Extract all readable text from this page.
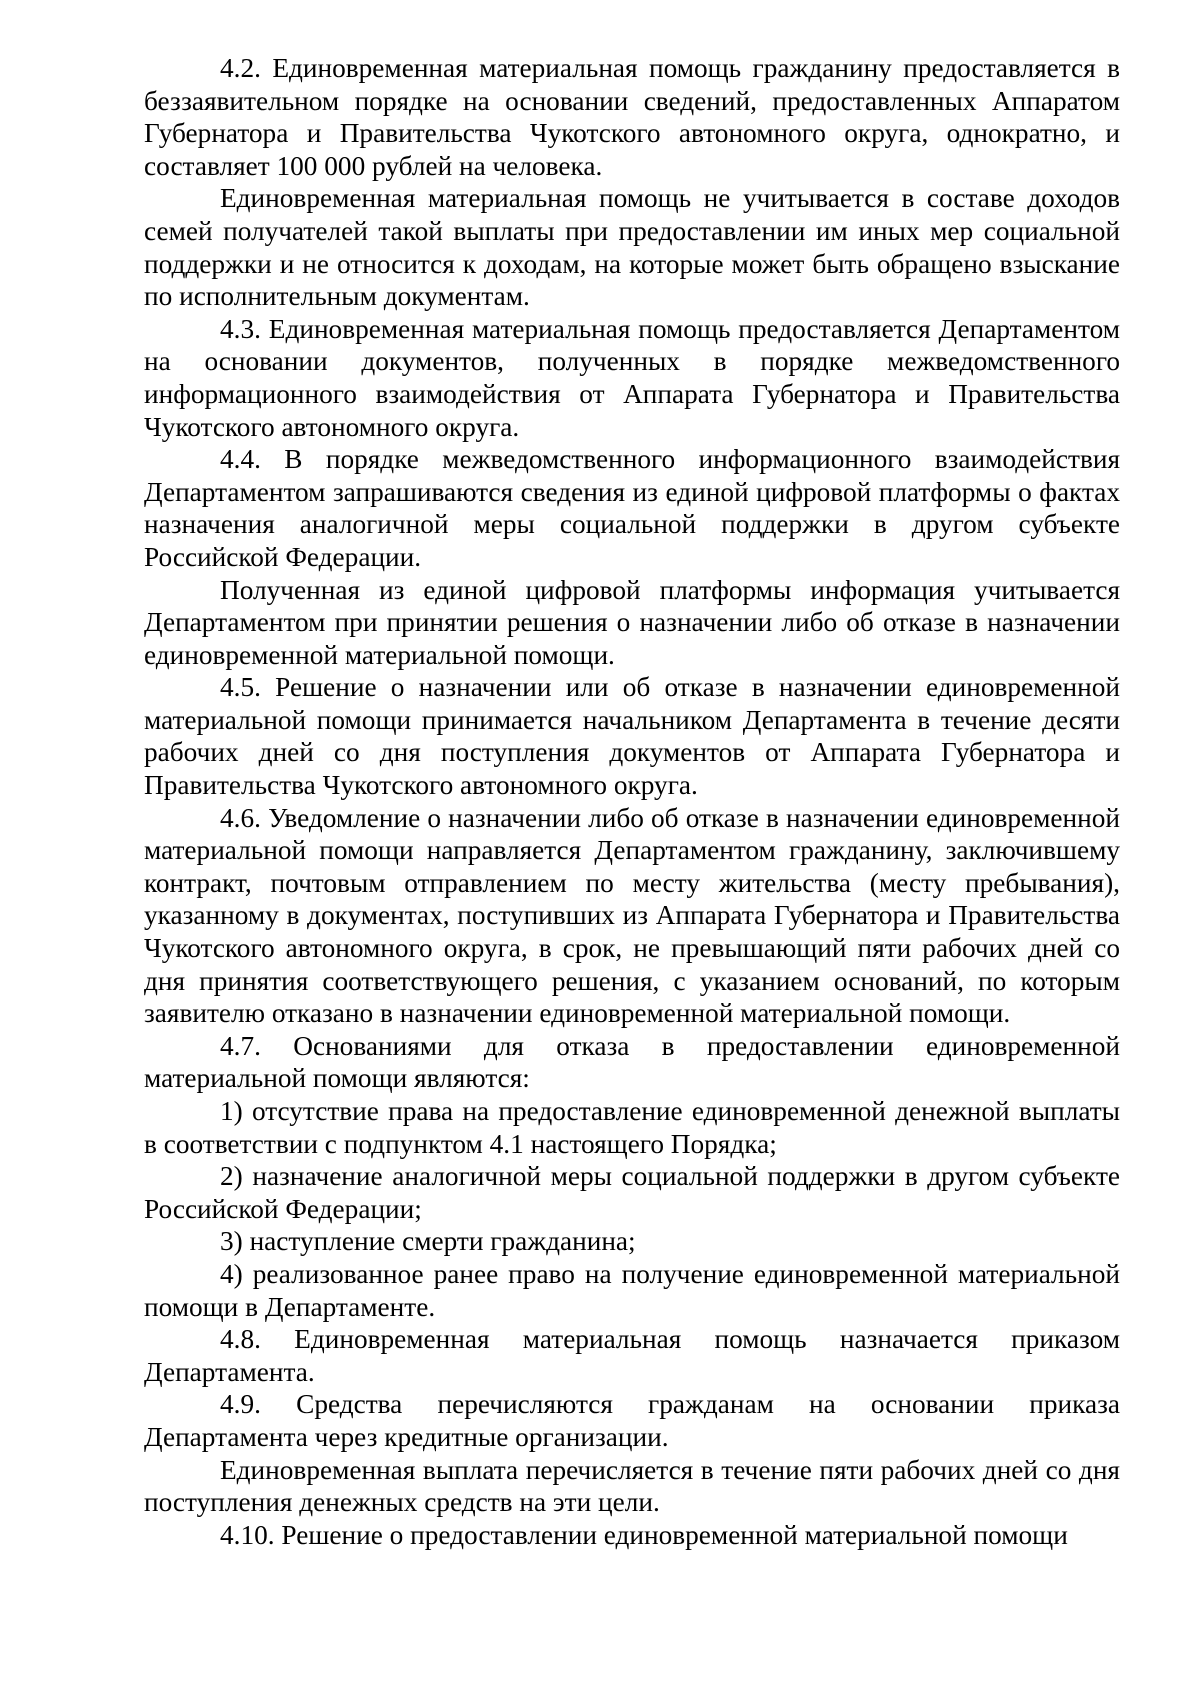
4.2. Единовременная материальная помощь гражданину предоставляется в беззаявительном порядке на основании сведений, предоставленных Аппаратом Губернатора и Правительства Чукотского автономного округа, однократно, и составляет 100 000 рублей на человека.

Единовременная материальная помощь не учитывается в составе доходов семей получателей такой выплаты при предоставлении им иных мер социальной поддержки и не относится к доходам, на которые может быть обращено взыскание по исполнительным документам.

4.3. Единовременная материальная помощь предоставляется Департаментом на основании документов, полученных в порядке межведомственного информационного взаимодействия от Аппарата Губернатора и Правительства Чукотского автономного округа.

4.4. В порядке межведомственного информационного взаимодействия Департаментом запрашиваются сведения из единой цифровой платформы о фактах назначения аналогичной меры социальной поддержки в другом субъекте Российской Федерации.

Полученная из единой цифровой платформы информация учитывается Департаментом при принятии решения о назначении либо об отказе в назначении единовременной материальной помощи.

4.5. Решение о назначении или об отказе в назначении единовременной материальной помощи принимается начальником Департамента в течение десяти рабочих дней со дня поступления документов от Аппарата Губернатора и Правительства Чукотского автономного округа.

4.6. Уведомление о назначении либо об отказе в назначении единовременной материальной помощи направляется Департаментом гражданину, заключившему контракт, почтовым отправлением по месту жительства (месту пребывания), указанному в документах, поступивших из Аппарата Губернатора и Правительства Чукотского автономного округа, в срок, не превышающий пяти рабочих дней со дня принятия соответствующего решения, с указанием оснований, по которым заявителю отказано в назначении единовременной материальной помощи.

4.7. Основаниями для отказа в предоставлении единовременной материальной помощи являются:

1) отсутствие права на предоставление единовременной денежной выплаты в соответствии с подпунктом 4.1 настоящего Порядка;

2) назначение аналогичной меры социальной поддержки в другом субъекте Российской Федерации;

3) наступление смерти гражданина;

4) реализованное ранее право на получение единовременной материальной помощи в Департаменте.

4.8. Единовременная материальная помощь назначается приказом Департамента.

4.9. Средства перечисляются гражданам на основании приказа Департамента через кредитные организации.

Единовременная выплата перечисляется в течение пяти рабочих дней со дня поступления денежных средств на эти цели.

4.10. Решение о предоставлении единовременной материальной помощи
